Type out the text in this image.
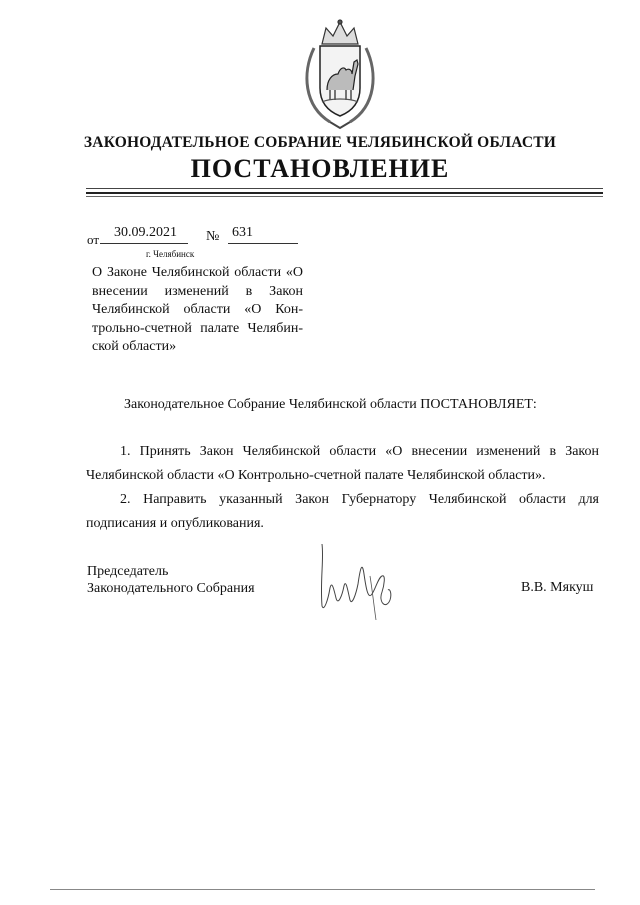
ЗАКОНОДАТЕЛЬНОЕ СОБРАНИЕ ЧЕЛЯБИНСКОЙ ОБЛАСТИ
ПОСТАНОВЛЕНИЕ
от 30.09.2021 № 631
г. Челябинск
О Законе Челябинской области «О внесении изменений в Закон Челябинской области «О Кон-трольно-счетной палате Челябин-ской области»
Законодательное Собрание Челябинской области ПОСТАНОВЛЯЕТ:

1. Принять Закон Челябинской области «О внесении изменений в Закон Челябинской области «О Контрольно-счетной палате Челябинской области».

2. Направить указанный Закон Губернатору Челябинской области для подписания и опубликования.

Председатель
Законодательного Собрания	В.В. Мякуш
